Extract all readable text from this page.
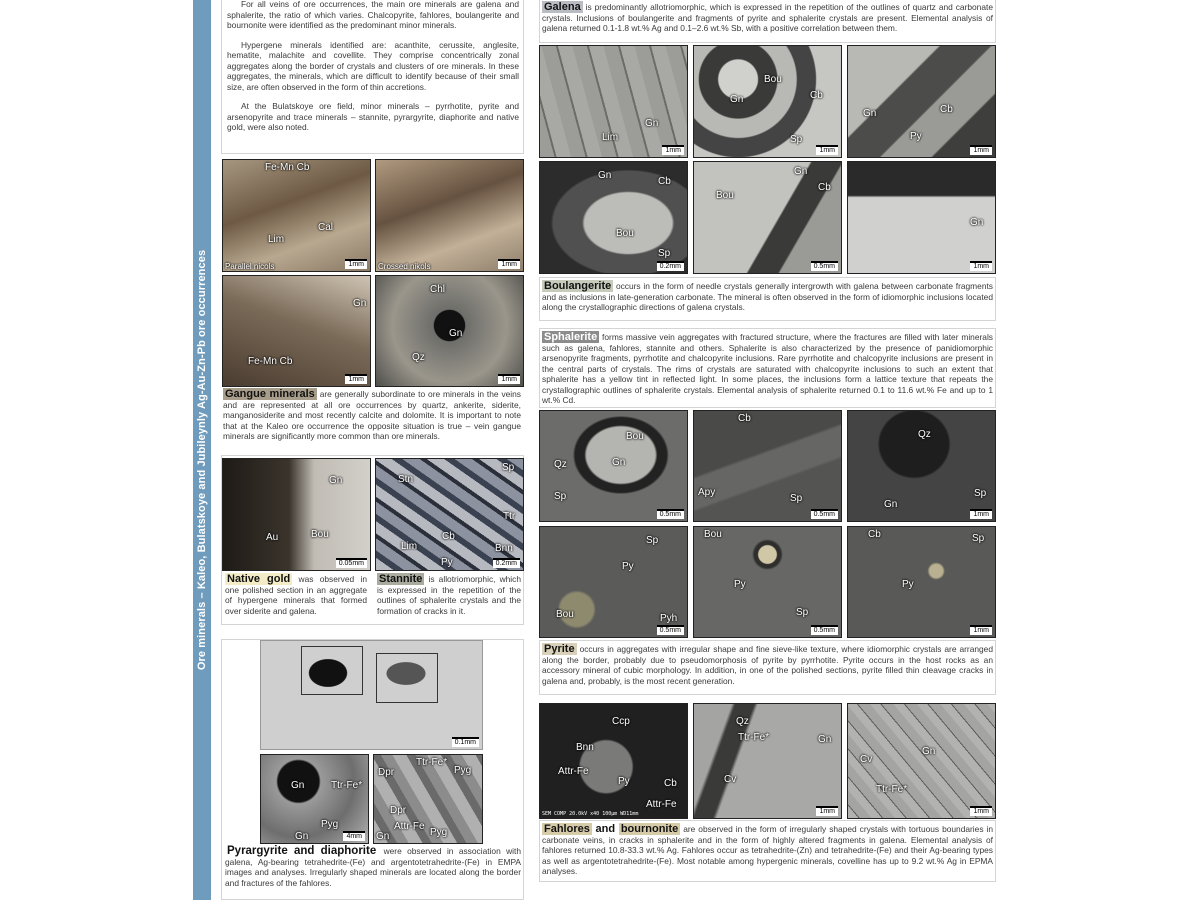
Ore minerals – Kaleo, Bulatskoye and Jubileynly Ag-Au-Zn-Pb ore occurrences

For all veins of ore occurrences, the main ore minerals are galena and sphalerite, the ratio of which varies. Chalcopyrite, fahlores, boulangerite and bournonite were identified as the predominant minor minerals.

Hypergene minerals identified are: acanthite, cerussite, anglesite, hematite, malachite and covellite. They comprise concentrically zonal aggregates along the border of crystals and clusters of ore minerals. In these aggregates, the minerals, which are difficult to identify because of their small size, are often observed in the form of thin accretions.

At the Bulatskoye ore field, minor minerals – pyrrhotite, pyrite and arsenopyrite and trace minerals – stannite, pyrargyrite, diaphorite and native gold, were also noted.

Fe-Mn Cb
Cal
Lim
Parallel nicols	1mm	Crossed nikols	1mm
Gn
Fe-Mn Cb
1mm
Chl
Gn
Qz
1mm
Gangue minerals are generally subordinate to ore minerals in the veins and are represented at all ore occurrences by quartz, ankerite, siderite, manganosiderite and most recently calcite and dolomite. It is important to note that at the Kaleo ore occurrence the opposite situation is true – vein gangue minerals are significantly more common than ore minerals.
Gn
Au	Bou
0.05mm
Sp
Stn
Ttr
Cb
Lim	Bnn
Py	0.2mm
Native gold was observed in one polished section in an aggregate of hypergene minerals that formed over siderite and galena.
Stannite is allotriomorphic, which is expressed in the repetition of the outlines of sphalerite crystals and the formation of cracks in it.
0.1mm
Gn	Ttr-Fe*
Pyg
Gn	4mm
Dpr
Ttr-Fe*
Pyg
Dpr
Attr-Fe
Gn	Pyg
Pyrargyrite and diaphorite were observed in association with galena, Ag-bearing tetrahedrite-(Fe) and argentotetrahedrite-(Fe) in EMPA images and analyses. Irregularly shaped minerals are located along the border and fractures of the fahlores.
Galena is predominantly allotriomorphic, which is expressed in the repetition of the outlines of quartz and carbonate crystals. Inclusions of boulangerite and fragments of pyrite and sphalerite crystals are present. Elemental analysis of galena returned 0.1-1.8 wt.% Ag and 0.1–2.6 wt.% Sb, with a positive correlation between them.
Gn
Lim
1mm
Bou
Gn	Cb
Sp
1mm
Gn	Cb
Py
1mm
Gn
Cb
Bou
Sp
0.2mm
Gn
Cb
Bou
0.5mm
Gn
1mm
Boulangerite occurs in the form of needle crystals generally intergrowth with galena between carbonate fragments and as inclusions in late-generation carbonate. The mineral is often observed in the form of idiomorphic inclusions located along the crystallographic directions of galena crystals.
Sphalerite forms massive vein aggregates with fractured structure, where the fractures are filled with later minerals such as galena, fahlores, stannite and others. Sphalerite is also characterized by the presence of panidiomorphic arsenopyrite fragments, pyrrhotite and chalcopyrite inclusions. Rare pyrrhotite and chalcopyrite inclusions are present in the central parts of crystals. The rims of crystals are saturated with chalcopyrite inclusions to such an extent that sphalerite has a yellow tint in reflected light. In some places, the inclusions form a lattice texture that repeats the crystallographic outlines of sphalerite crystals. Elemental analysis of sphalerite returned 0.1 to 11.6 wt.% Fe and up to 1 wt.% Cd.
Bou
Qz	Gn
Sp
0.5mm
Cb
Apy
Sp
0.5mm
Qz
Gn
Sp
1mm
Sp
Py
Bou	Pyh
0.5mm
Bou
Py
Sp
0.5mm
Cb	Sp
Py
1mm
Pyrite occurs in aggregates with irregular shape and fine sieve-like texture, where idiomorphic crystals are arranged along the border, probably due to pseudomorphosis of pyrite by pyrrhotite. Pyrite occurs in the host rocks as an accessory mineral of cubic morphology. In addition, in one of the polished sections, pyrite filled thin cleavage cracks in galena and, probably, is the most recent generation.
Ccp
Bnn
Attr-Fe
Py	Cb
Attr-Fe
SEM COMP 20.0kV x40 100µm WD11mm
Qz
Ttr-Fe*	Gn
Cv
1mm
Cv
Gn
Ttr-Fe*
1mm
Fahlores and bournonite are observed in the form of irregularly shaped crystals with tortuous boundaries in carbonate veins, in cracks in sphalerite and in the form of highly altered fragments in galena. Elemental analysis of fahlores returned 10.8-33.3 wt.% Ag. Fahlores occur as tetrahedrite-(Zn) and tetrahedrite-(Fe) and their Ag-bearing types as well as argentotetrahedrite-(Fe). Most notable among hypergenic minerals, covelline has up to 9.2 wt.% Ag in EPMA analyses.
